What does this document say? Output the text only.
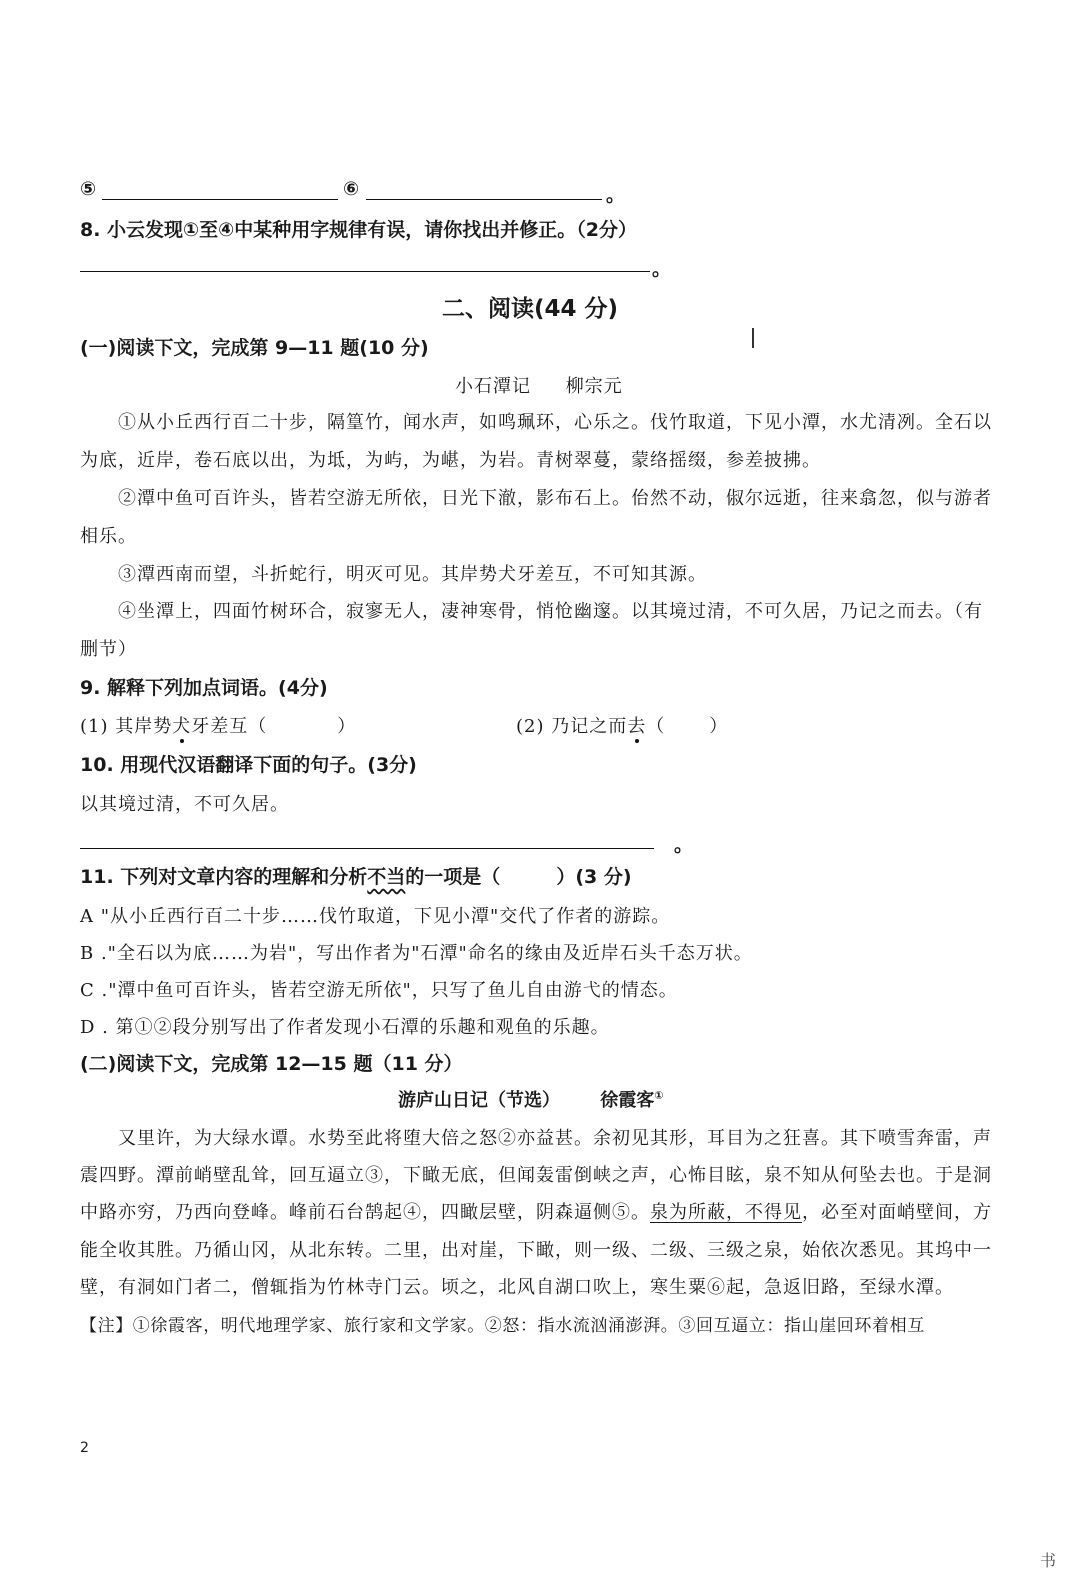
⑤	⑥	。
8. 小云发现①至④中某种用字规律有误，请你找出并修正。（2分）
。
二、阅读(44 分)
(一)阅读下文，完成第 9—11 题(10 分)
小石潭记 柳宗元
①从小丘西行百二十步，隔篁竹，闻水声，如鸣珮环，心乐之。伐竹取道，下见小潭，水尤清冽。全石以
为底，近岸，卷石底以出，为坻，为屿，为嵁，为岩。青树翠蔓，蒙络摇缀，参差披拂。
②潭中鱼可百许头，皆若空游无所依，日光下澈，影布石上。佁然不动，俶尔远逝，往来翕忽，似与游者
相乐。
③潭西南而望，斗折蛇行，明灭可见。其岸势犬牙差互，不可知其源。
④坐潭上，四面竹树环合，寂寥无人，凄神寒骨，悄怆幽邃。以其境过清，不可久居，乃记之而去。（有
删节）
9. 解释下列加点词语。(4分)
(1) 其岸势犬牙差互（	）	(2) 乃记之而去（ ）
10. 用现代汉语翻译下面的句子。(3分)
以其境过清，不可久居。
。
11. 下列对文章内容的理解和分析不当的一项是（	）(3 分)
A "从小丘西行百二十步……伐竹取道，下见小潭"交代了作者的游踪。
B ."全石以为底……为岩"，写出作者为"石潭"命名的缘由及近岸石头千态万状。
C ."潭中鱼可百许头，皆若空游无所依"，只写了鱼儿自由游弋的情态。
D . 第①②段分别写出了作者发现小石潭的乐趣和观鱼的乐趣。
(二)阅读下文，完成第 12—15 题（11 分）
游庐山日记（节选） 徐霞客①
又里许，为大绿水谭。水势至此将堕大倍之怒②亦益甚。余初见其形，耳目为之狂喜。其下喷雪奔雷，声
震四野。潭前峭壁乱耸，回互逼立③，下瞰无底，但闻轰雷倒峡之声，心怖目眩，泉不知从何坠去也。于是洞
中路亦穷，乃西向登峰。峰前石台鹄起④，四瞰层壁，阴森逼侧⑤。泉为所蔽，不得见，必至对面峭壁间，方
能全收其胜。乃循山冈，从北东转。二里，出对崖，下瞰，则一级、二级、三级之泉，始依次悉见。其坞中一
壁，有洞如门者二，僧辄指为竹林寺门云。顷之，北风自湖口吹上，寒生粟⑥起，急返旧路，至绿水潭。
【注】①徐霞客，明代地理学家、旅行家和文学家。②怒：指水流汹涌澎湃。③回互逼立：指山崖回环着相互
2
书
